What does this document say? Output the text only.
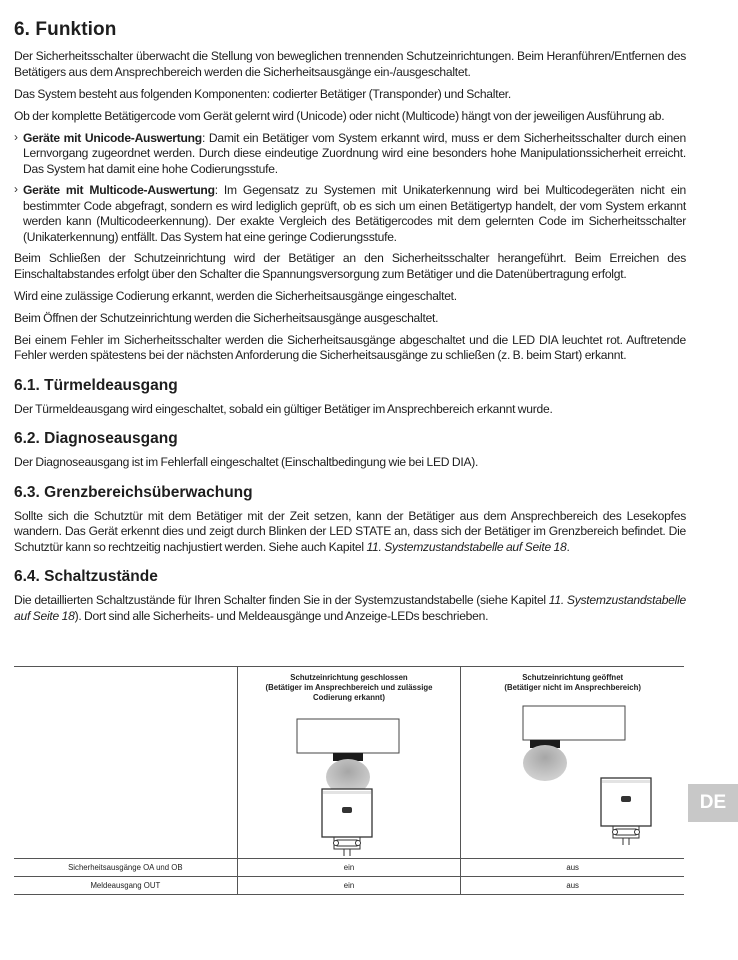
6. Funktion

Der Sicherheitsschalter überwacht die Stellung von beweglichen trennenden Schutzeinrichtungen. Beim Heranführen/Entfernen des Betätigers aus dem Ansprechbereich werden die Sicherheitsausgänge ein-/ausgeschaltet.

Das System besteht aus folgenden Komponenten: codierter Betätiger (Transponder) und Schalter.

Ob der komplette Betätigercode vom Gerät gelernt wird (Unicode) oder nicht (Multicode) hängt von der jeweiligen Ausführung ab.

› Geräte mit Unicode-Auswertung: Damit ein Betätiger vom System erkannt wird, muss er dem Sicherheitsschalter durch einen Lernvorgang zugeordnet werden. Durch diese eindeutige Zuordnung wird eine besonders hohe Manipulationssicherheit erreicht. Das System hat damit eine hohe Codierungsstufe.

› Geräte mit Multicode-Auswertung: Im Gegensatz zu Systemen mit Unikaterkennung wird bei Multicodegeräten nicht ein bestimmter Code abgefragt, sondern es wird lediglich geprüft, ob es sich um einen Betätigertyp handelt, der vom System erkannt werden kann (Multicodeerkennung). Der exakte Vergleich des Betätigercodes mit dem gelernten Code im Sicherheitsschalter (Unikaterkennung) entfällt. Das System hat eine geringe Codierungsstufe.

Beim Schließen der Schutzeinrichtung wird der Betätiger an den Sicherheitsschalter herangeführt. Beim Erreichen des Einschaltabstandes erfolgt über den Schalter die Spannungsversorgung zum Betätiger und die Datenübertragung erfolgt.

Wird eine zulässige Codierung erkannt, werden die Sicherheitsausgänge eingeschaltet.

Beim Öffnen der Schutzeinrichtung werden die Sicherheitsausgänge ausgeschaltet.

Bei einem Fehler im Sicherheitsschalter werden die Sicherheitsausgänge abgeschaltet und die LED DIA leuchtet rot. Auftretende Fehler werden spätestens bei der nächsten Anforderung die Sicherheitsausgänge zu schließen (z. B. beim Start) erkannt.

6.1. Türmeldeausgang

Der Türmeldeausgang wird eingeschaltet, sobald ein gültiger Betätiger im Ansprechbereich erkannt wurde.

6.2. Diagnoseausgang

Der Diagnoseausgang ist im Fehlerfall eingeschaltet (Einschaltbedingung wie bei LED DIA).

6.3. Grenzbereichsüberwachung

Sollte sich die Schutztür mit dem Betätiger mit der Zeit setzen, kann der Betätiger aus dem Ansprechbereich des Lesekopfes wandern. Das Gerät erkennt dies und zeigt durch Blinken der LED STATE an, dass sich der Betätiger im Grenzbereich befindet. Die Schutztür kann so rechtzeitig nachjustiert werden. Siehe auch Kapitel 11. Systemzustandstabelle auf Seite 18.

6.4. Schaltzustände

Die detaillierten Schaltzustände für Ihren Schalter finden Sie in der Systemzustandstabelle (siehe Kapitel 11. Systemzustandstabelle auf Seite 18). Dort sind alle Sicherheits- und Meldeausgänge und Anzeige-LEDs beschrieben.

	Schutzeinrichtung geschlossen
(Betätiger im Ansprechbereich und zulässige
Codierung erkannt)	Schutzeinrichtung geöffnet
(Betätiger nicht im Ansprechbereich)

Sicherheitsausgänge OA und OB	ein	aus
Meldeausgang OUT	ein	aus
DE
